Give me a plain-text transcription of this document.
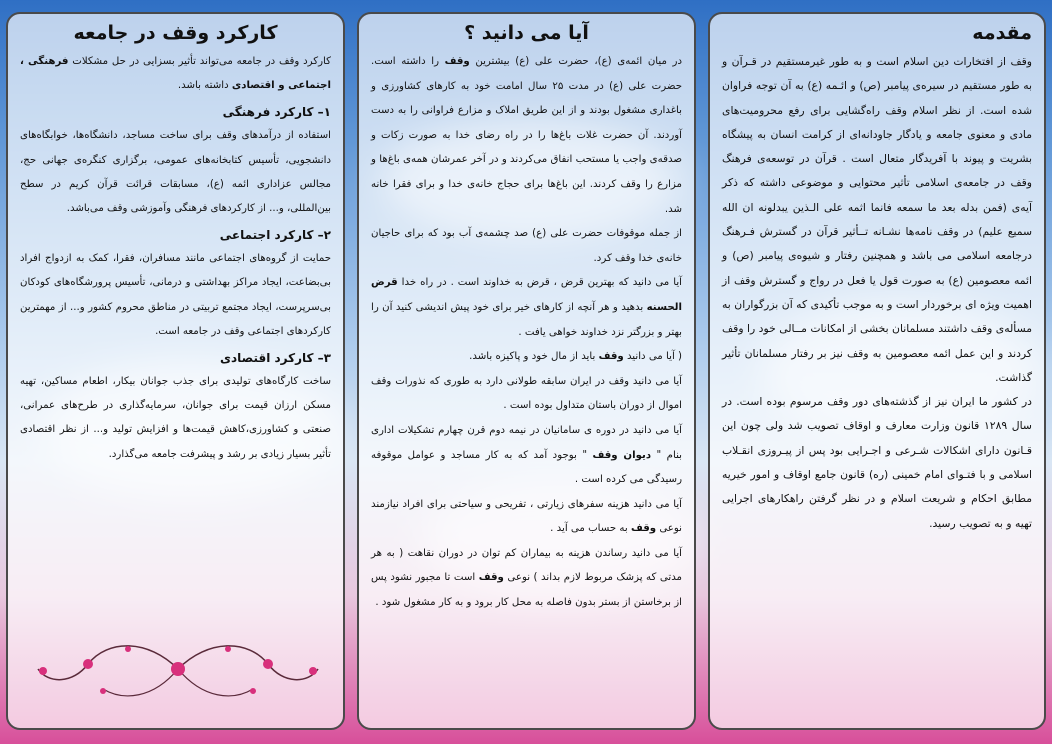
مقدمه
وقف از افتخارات دین اسلام است و به طور غیرمستقیم در قـرآن و به طور مستقیم در سیره‌ی پیامبر (ص) و ائـمه (ع) به آن توجه فراوان شده است. از نظر اسلام وقف راه‌گشایی برای رفع محرومیت‌های مادی و معنوی جامعه و یادگار جاودانه‌ای از کرامت انسان به پیشگاه بشریت و پیوند با آفریدگار متعال است . قرآن در توسعه‌ی فرهنگ وقف در جامعه‌ی اسلامی تأثیر محتوایی و موضوعی داشته که ذکر آیه‌ی (فمن بدله بعد ما سمعه فانما اثمه علی الـذین یبدلونه ان الله سمیع علیم) در وقف نامه‌ها نشـانه تــأثیر قرآن در گسترش فـرهنگ درجامعه اسلامی می باشد و همچنین رفتار و شیوه‌ی پیامبر (ص) و ائمه معصومین (ع) به صورت قول یا فعل در رواج و گسترش وقف از اهمیت ویژه ای برخوردار است و به موجب تأکیدی که آن بزرگواران به مسأله‌ی وقف داشتند مسلمانان بخشی از امکانات مــالی خود را وقف کردند و این عمل ائمه معصومین به وقف نیز بر رفتار مسلمانان تأثیر گذاشت.
در کشور ما ایران نیز از گذشته‌های دور وقف مرسوم بوده است. در سال ۱۲۸۹ قانون وزارت معارف و اوقاف تصویب شد ولی چون این قـانون دارای اشکالات شـرعی و اجـرایی بود پس از پیـروزی انقـلاب اسلامی و با فتـوای امام خمینی (ره) قانون جامع اوقاف و امور خیریه مطابق احکام و شریعت اسلام و در نظر گرفتن راهکارهای اجرایی تهیه و به تصویب رسید.
آیا می دانید ؟
در میان ائمه‌ی (ع)، حضرت علی (ع) بیشترین وقف را داشته است. حضرت علی (ع) در مدت ۲۵ سال امامت خود به کارهای کشاورزی و باغداری مشغول بودند و از این طریق املاک و مزارع فراوانی را به دست آوردند. آن حضرت غلات باغ‌ها را در راه رضای خدا به صورت زکات و صدقه‌ی واجب یا مستحب انفاق می‌کردند و در آخر عمرشان همه‌ی باغ‌ها و مزارع را وقف کردند. این باغ‌ها برای حجاج خانه‌ی خدا و برای فقرا خانه شد.
از جمله موقوفات حضرت علی (ع) صد چشمه‌ی آب بود که برای حاجیان خانه‌ی خدا وقف کرد.
آیا می دانید که بهترین قرض ، قرض به خداوند است . در راه خدا قرض الحسنه بدهید و هر آنچه از کارهای خیر برای خود پیش اندیشی کنید آن را بهتر و بزرگتر نزد خداوند خواهی یافت .
( آیا می دانید وقف باید از مال خود و پاکیزه باشد.
آیا می دانید وقف در ایران سابقه طولانی دارد به طوری که نذورات وقف اموال از دوران باستان متداول بوده است .
آیا می دانید در دوره ی سامانیان در نیمه دوم قرن چهارم تشکیلات اداری بنام " دیوان وقف " بوجود آمد که به کار مساجد و عوامل موقوفه رسیدگی می کرده است .
آیا می دانید هزینه سفرهای زیارتی ، تفریحی و سیاحتی برای افراد نیازمند نوعی وقف به حساب می آید .
آیا می دانید رساندن هزینه به بیماران کم توان در دوران نقاهت ( به هر مدتی که پزشک مربوط لازم بداند ) نوعی وقف است تا مجبور نشود پس از برخاستن از بستر بدون فاصله به محل کار برود و به کار مشغول شود .
کارکرد وقف در جامعه
کارکرد وقف در جامعه می‌تواند تأثیر بسزایی در حل مشکلات فرهنگی ، اجتماعی و اقتصادی داشته باشد.
۱– کارکرد فرهنگی
استفاده از درآمدهای وقف برای ساخت مساجد، دانشگاه‌ها، خوابگاه‌های دانشجویی، تأسیس کتابخانه‌های عمومی، برگزاری کنگره‌ی جهانی حج، مجالس عزاداری ائمه (ع)، مسابقات قرائت قرآن کریم در سطح بین‌المللی، و... از کارکردهای فرهنگی وآموزشی وقف می‌باشد.
۲– کارکرد اجتماعی
حمایت از گروه‌های اجتماعی مانند مسافران، فقرا، کمک به ازدواج افراد بی‌بضاعت، ایجاد مراکز بهداشتی و درمانی، تأسیس پرورشگاه‌های کودکان بی‌سرپرست، ایجاد مجتمع تربیتی در مناطق محروم کشور و... از مهمترین کارکردهای اجتماعی وقف در جامعه است.
۳– کارکرد اقتصادی
ساخت کارگاه‌های تولیدی برای جذب جوانان بیکار، اطعام مساکین، تهیه مسکن ارزان قیمت برای جوانان، سرمایه‌گذاری در طرح‌های عمرانی، صنعتی و کشاورزی،کاهش قیمت‌ها و افزایش تولید و... از نظر اقتصادی تأثیر بسیار زیادی بر رشد و پیشرفت جامعه می‌گذارد.
